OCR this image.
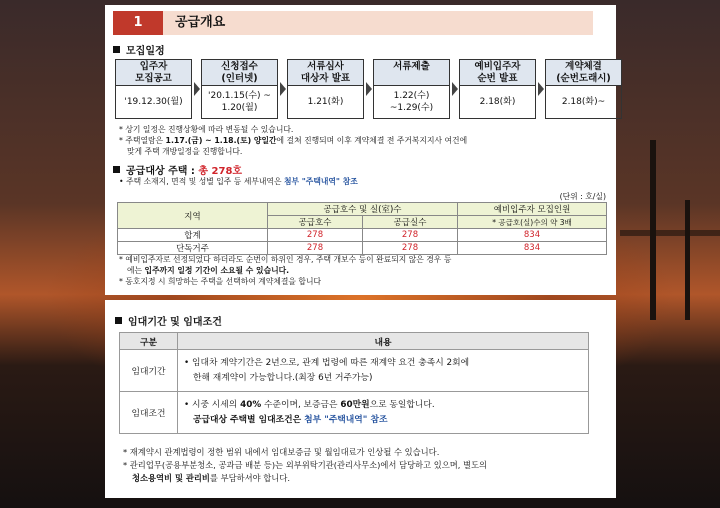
1	공급개요
모집일정
입주자
모집공고
'19.12.30(월)
신청접수
(인터넷)
'20.1.15(수) ~
1.20(월)
서류심사
대상자 발표
1.21(화)
서류제출
1.22(수)
~1.29(수)
예비입주자
순번 발표
2.18(화)
계약체결
(순번도래시)
2.18(화)~
* 상기 일정은 진행상황에 따라 변동될 수 있습니다.
* 주택열람은 1.17.(금) ~ 1.18.(토) 양일간에 걸쳐 진행되며 이후 계약체결 전 주거복지지사 여건에
맞게 주택 개방일정을 진행합니다.
공급대상 주택 : 총 278호
• 주택 소재지, 면적 및 성별 입주 등 세부내역은 첨부 "주택내역" 참조
(단위 : 호/실)
지역	공급호수 및 실(室)수		예비입주자 모집인원
	공급호수	공급실수	* 공급호(실)수의 약 3배
합계	278	278	834
단독거주	278	278	834
* 예비입주자로 선정되었다 하더라도 순번이 하위인 경우, 주택 개보수 등이 완료되지 않은 경우 등
에는 입주까지 일정 기간이 소요될 수 있습니다.
* 동호지정 시 희망하는 주택을 선택하여 계약체결을 합니다
임대기간 및 임대조건
구분	내용
임대기간	• 임대차 계약기간은 2년으로, 관계 법령에 따른 재계약 요건 충족시 2회에
한해 재계약이 가능합니다.(최장 6년 거주가능)

임대조건	• 시중 시세의 40% 수준이며, 보증금은 60만원으로 동일합니다.
공급대상 주택별 임대조건은 첨부 "주택내역" 참조
* 재계약시 관계법령이 정한 범위 내에서 임대보증금 및 월임대료가 인상될 수 있습니다.
* 관리업무(공용부분청소, 공과금 배분 등)는 외부위탁기관(관리사무소)에서 담당하고 있으며, 별도의
청소용역비 및 관리비를 부담하셔야 합니다.
